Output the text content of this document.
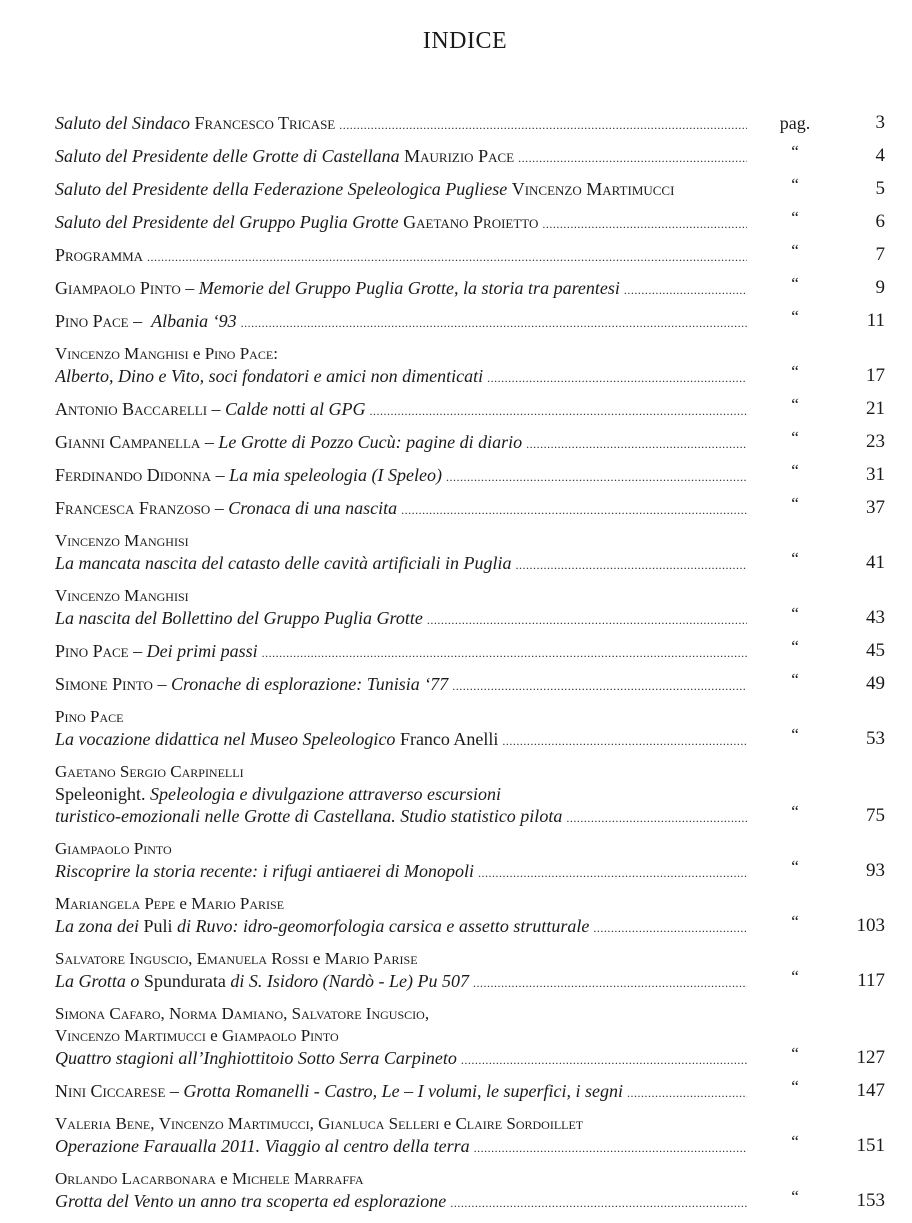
INDICE
Saluto del Sindaco Francesco Tricase .....	pag.	3
Saluto del Presidente delle Grotte di Castellana Maurizio Pace .....	“	4
Saluto del Presidente della Federazione Speleologica Pugliese Vincenzo Martimucci	“	5
Saluto del Presidente del Gruppo Puglia Grotte Gaetano Proietto .....	“	6
Programma .....	“	7
Giampaolo Pinto – Memorie del Gruppo Puglia Grotte, la storia tra parentesi .....	“	9
Pino Pace –  Albania ‘93 .....	“	11
Vincenzo Manghisi e Pino Pace:
Alberto, Dino e Vito, soci fondatori e amici non dimenticati .....	“	17
Antonio Baccarelli – Calde notti al GPG .....	“	21
Gianni Campanella – Le Grotte di Pozzo Cucù: pagine di diario .....	“	23
Ferdinando Didonna – La mia speleologia (I Speleo) .....	“	31
Francesca Franzoso – Cronaca di una nascita .....	“	37
Vincenzo Manghisi
La mancata nascita del catasto delle cavità artificiali in Puglia .....	“	41
Vincenzo Manghisi
La nascita del Bollettino del Gruppo Puglia Grotte .....	“	43
Pino Pace – Dei primi passi .....	“	45
Simone Pinto – Cronache di esplorazione: Tunisia ‘77 .....	“	49
Pino Pace
La vocazione didattica nel Museo Speleologico Franco Anelli .....	“	53
Gaetano Sergio Carpinelli
Speleonight. Speleologia e divulgazione attraverso escursioni
turistico-emozionali nelle Grotte di Castellana. Studio statistico pilota .....	“	75
Giampaolo Pinto
Riscoprire la storia recente: i rifugi antiaerei di Monopoli .....	“	93
Mariangela Pepe e Mario Parise
La zona dei Puli di Ruvo: idro-geomorfologia carsica e assetto strutturale .....	“	103
Salvatore Inguscio, Emanuela Rossi e Mario Parise
La Grotta o Spundurata di S. Isidoro (Nardò - Le) Pu 507 .....	“	117
Simona Cafaro, Norma Damiano, Salvatore Inguscio,
Vincenzo Martimucci e Giampaolo Pinto
Quattro stagioni all’Inghiottitoio Sotto Serra Carpineto .....	“	127
Nini Ciccarese – Grotta Romanelli - Castro, Le – I volumi, le superfici, i segni .....	“	147
Valeria Bene, Vincenzo Martimucci, Gianluca Selleri e Claire Sordoillet
Operazione Faraualla 2011. Viaggio al centro della terra .....	“	151
Orlando Lacarbonara e Michele Marraffa
Grotta del Vento un anno tra scoperta ed esplorazione .....	“	153
